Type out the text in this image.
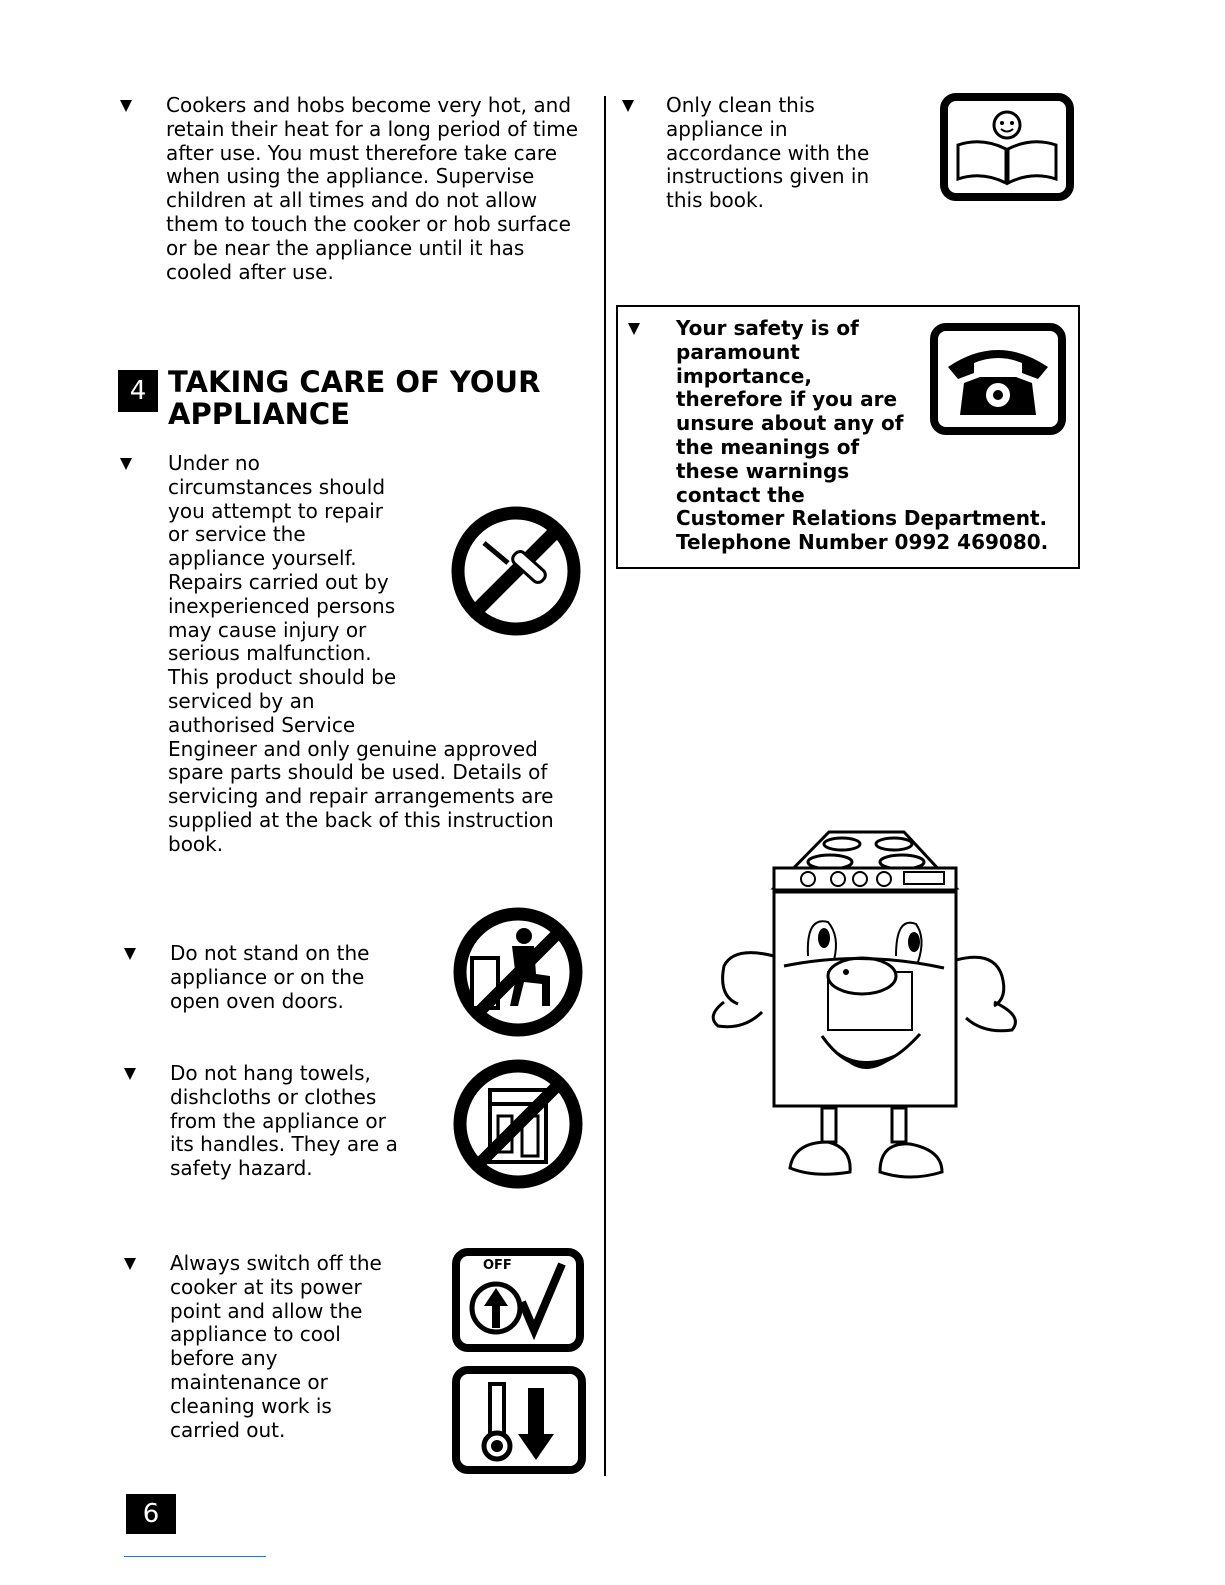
Cookers and hobs become very hot, and
retain their heat for a long period of time
after use. You must therefore take care
when using the appliance. Supervise
children at all times and do not allow
them to touch the cooker or hob surface
or be near the appliance until it has
cooled after use.

4 TAKING CARE OF YOUR
APPLIANCE

Under no
circumstances should
you attempt to repair
or service the
appliance yourself.
Repairs carried out by
inexperienced persons
may cause injury or
serious malfunction.
This product should be
serviced by an
authorised Service
Engineer and only genuine approved
spare parts should be used. Details of
servicing and repair arrangements are
supplied at the back of this instruction
book.

Do not stand on the
appliance or on the
open oven doors.

Do not hang towels,
dishcloths or clothes
from the appliance or
its handles. They are a
safety hazard.

Always switch off the
cooker at its power
point and allow the
appliance to cool
before any
maintenance or
cleaning work is
carried out.

OFF

Only clean this
appliance in
accordance with the
instructions given in
this book.

Your safety is of
paramount
importance,
therefore if you are
unsure about any of
the meanings of
these warnings
contact the

Customer Relations Department.

Telephone Number 0992 469080.

6
